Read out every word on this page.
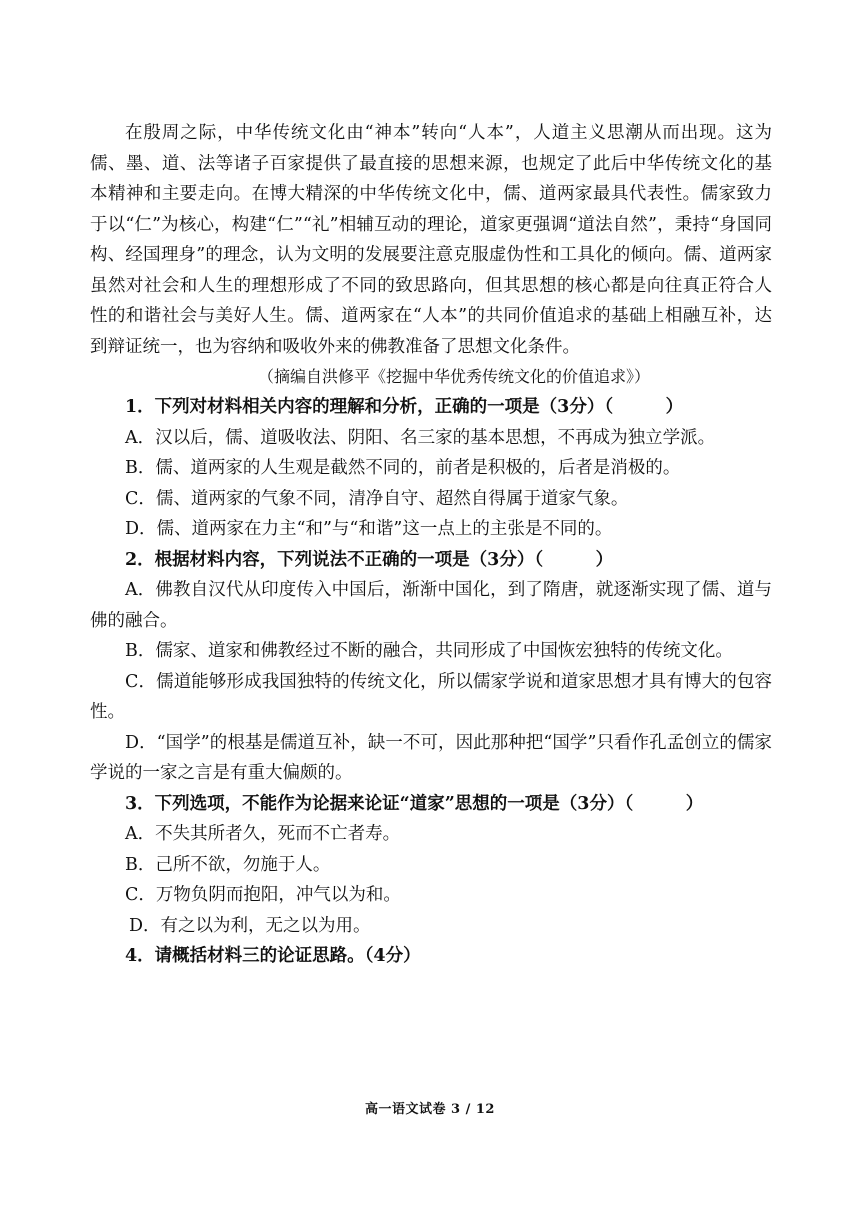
在殷周之际，中华传统文化由“神本”转向“人本”，人道主义思潮从而出现。这为儒、墨、道、法等诸子百家提供了最直接的思想来源，也规定了此后中华传统文化的基本精神和主要走向。在博大精深的中华传统文化中，儒、道两家最具代表性。儒家致力于以“仁”为核心，构建“仁”“礼”相辅互动的理论，道家更强调“道法自然”，秉持“身国同构、经国理身”的理念，认为文明的发展要注意克服虚伪性和工具化的倾向。儒、道两家虽然对社会和人生的理想形成了不同的致思路向，但其思想的核心都是向往真正符合人性的和谐社会与美好人生。儒、道两家在“人本”的共同价值追求的基础上相融互补，达到辩证统一，也为容纳和吸收外来的佛教准备了思想文化条件。

（摘编自洪修平《挖掘中华优秀传统文化的价值追求》）

1．下列对材料相关内容的理解和分析，正确的一项是（3分）（　　　）

A．汉以后，儒、道吸收法、阴阳、名三家的基本思想，不再成为独立学派。

B．儒、道两家的人生观是截然不同的，前者是积极的，后者是消极的。

C．儒、道两家的气象不同，清净自守、超然自得属于道家气象。

D．儒、道两家在力主“和”与“和谐”这一点上的主张是不同的。

2．根据材料内容，下列说法不正确的一项是（3分）（　　　）

A．佛教自汉代从印度传入中国后，渐渐中国化，到了隋唐，就逐渐实现了儒、道与佛的融合。

B．儒家、道家和佛教经过不断的融合，共同形成了中国恢宏独特的传统文化。

C．儒道能够形成我国独特的传统文化，所以儒家学说和道家思想才具有博大的包容性。

D．“国学”的根基是儒道互补，缺一不可，因此那种把“国学”只看作孔孟创立的儒家学说的一家之言是有重大偏颇的。

3．下列选项，不能作为论据来论证“道家”思想的一项是（3分）（　　　）

A．不失其所者久，死而不亡者寿。

B．己所不欲，勿施于人。

C．万物负阴而抱阳，冲气以为和。

D．有之以为利，无之以为用。

4．请概括材料三的论证思路。（4分）

高一语文试卷 3 / 12
